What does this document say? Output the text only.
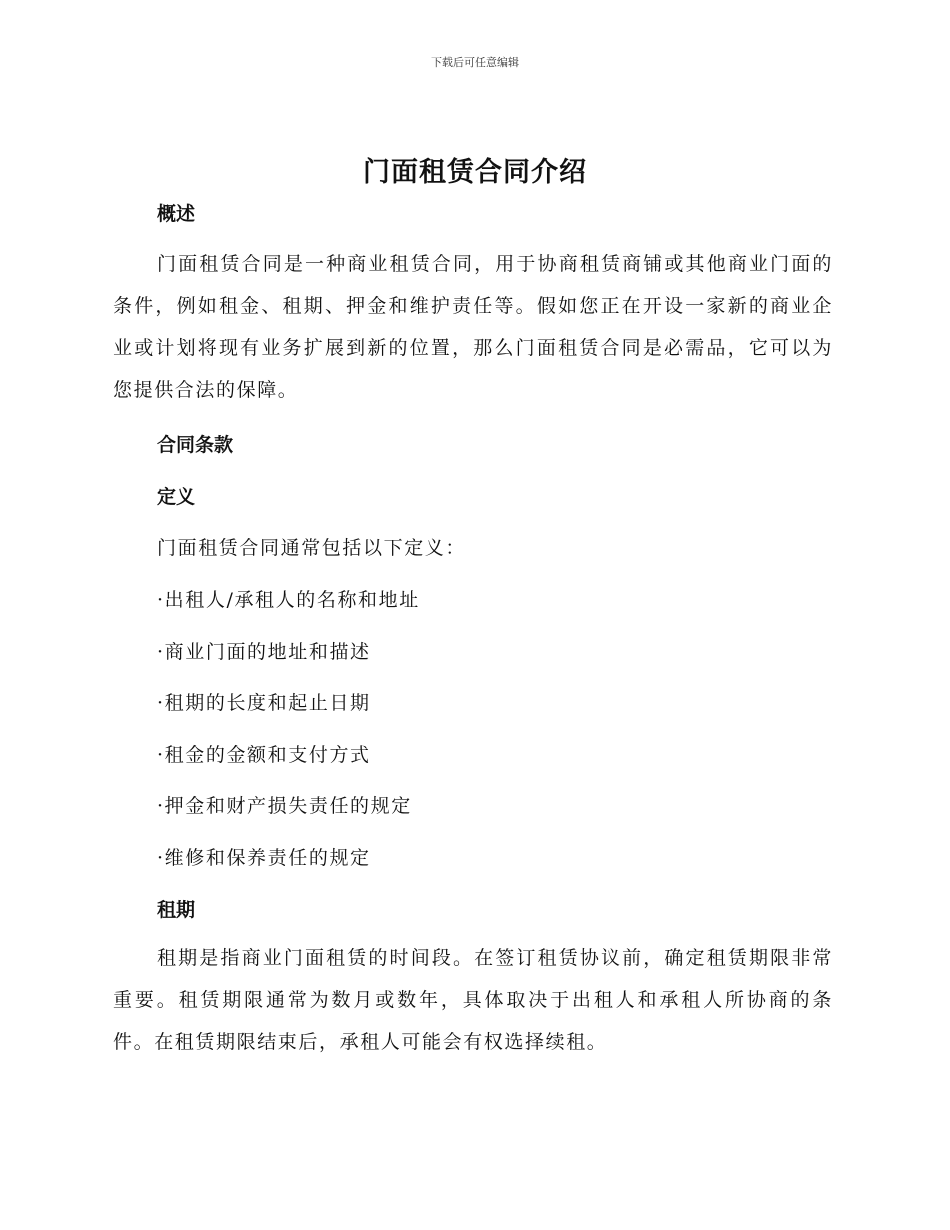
下载后可任意编辑
门面租赁合同介绍
概述
门面租赁合同是一种商业租赁合同，用于协商租赁商铺或其他商业门面的条件，例如租金、租期、押金和维护责任等。假如您正在开设一家新的商业企业或计划将现有业务扩展到新的位置，那么门面租赁合同是必需品，它可以为您提供合法的保障。
合同条款
定义
门面租赁合同通常包括以下定义：
·出租人/承租人的名称和地址
·商业门面的地址和描述
·租期的长度和起止日期
·租金的金额和支付方式
·押金和财产损失责任的规定
·维修和保养责任的规定
租期
租期是指商业门面租赁的时间段。在签订租赁协议前，确定租赁期限非常重要。租赁期限通常为数月或数年，具体取决于出租人和承租人所协商的条件。在租赁期限结束后，承租人可能会有权选择续租。
